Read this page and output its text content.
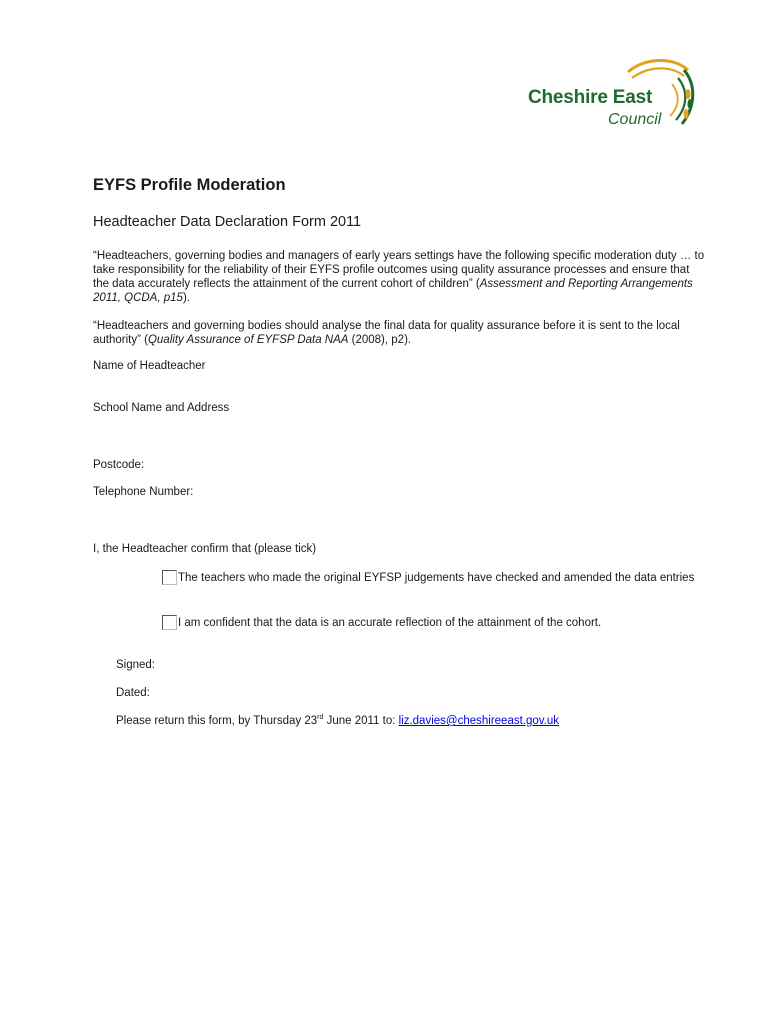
Cheshire East
Council
EYFS Profile Moderation
Headteacher Data Declaration Form 2011

“Headteachers, governing bodies and managers of early years settings have the following specific moderation duty … to take responsibility for the reliability of their EYFS profile outcomes using quality assurance processes and ensure that the data accurately reflects the attainment of the current cohort of children” (Assessment and Reporting Arrangements 2011, QCDA, p15).

“Headteachers and governing bodies should analyse the final data for quality assurance before it is sent to the local authority” (Quality Assurance of EYFSP Data NAA (2008), p2).

Name of Headteacher

School Name and Address

Postcode:

Telephone Number:

I, the Headteacher confirm that (please tick)

The teachers who made the original EYFSP judgements have checked and amended the data entries
I am confident that the data is an accurate reflection of the attainment of the cohort.

Signed:

Dated:

Please return this form, by Thursday 23rd June 2011 to: liz.davies@cheshireeast.gov.uk
